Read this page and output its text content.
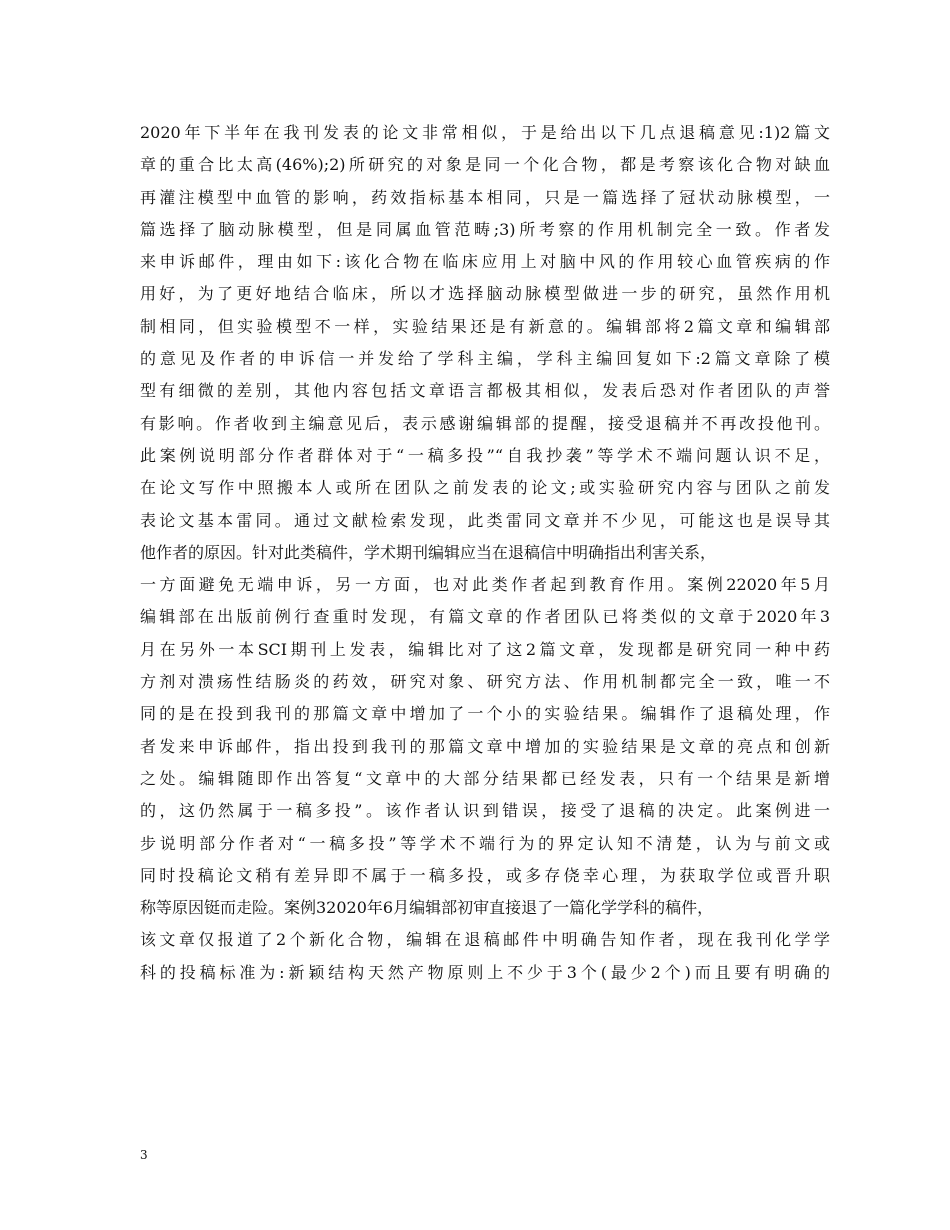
2020年下半年在我刊发表的论文非常相似，于是给出以下几点退稿意见:1)2篇文
章的重合比太高(46%);2)所研究的对象是同一个化合物，都是考察该化合物对缺血
再灌注模型中血管的影响，药效指标基本相同，只是一篇选择了冠状动脉模型，一
篇选择了脑动脉模型，但是同属血管范畴;3)所考察的作用机制完全一致。作者发
来申诉邮件，理由如下:该化合物在临床应用上对脑中风的作用较心血管疾病的作
用好，为了更好地结合临床，所以才选择脑动脉模型做进一步的研究，虽然作用机
制相同，但实验模型不一样，实验结果还是有新意的。编辑部将2篇文章和编辑部
的意见及作者的申诉信一并发给了学科主编，学科主编回复如下:2篇文章除了模
型有细微的差别，其他内容包括文章语言都极其相似，发表后恐对作者团队的声誉
有影响。作者收到主编意见后，表示感谢编辑部的提醒，接受退稿并不再改投他刊。
此案例说明部分作者群体对于“一稿多投”“自我抄袭”等学术不端问题认识不足，
在论文写作中照搬本人或所在团队之前发表的论文;或实验研究内容与团队之前发
表论文基本雷同。通过文献检索发现，此类雷同文章并不少见，可能这也是误导其
他作者的原因。针对此类稿件，学术期刊编辑应当在退稿信中明确指出利害关系，
一方面避免无端申诉，另一方面，也对此类作者起到教育作用。案例22020年5月
编辑部在出版前例行查重时发现，有篇文章的作者团队已将类似的文章于2020年3
月在另外一本SCI期刊上发表，编辑比对了这2篇文章，发现都是研究同一种中药
方剂对溃疡性结肠炎的药效，研究对象、研究方法、作用机制都完全一致，唯一不
同的是在投到我刊的那篇文章中增加了一个小的实验结果。编辑作了退稿处理，作
者发来申诉邮件，指出投到我刊的那篇文章中增加的实验结果是文章的亮点和创新
之处。编辑随即作出答复“文章中的大部分结果都已经发表，只有一个结果是新增
的，这仍然属于一稿多投”。该作者认识到错误，接受了退稿的决定。此案例进一
步说明部分作者对“一稿多投”等学术不端行为的界定认知不清楚，认为与前文或
同时投稿论文稍有差异即不属于一稿多投，或多存侥幸心理，为获取学位或晋升职
称等原因铤而走险。案例32020年6月编辑部初审直接退了一篇化学学科的稿件，
该文章仅报道了2个新化合物，编辑在退稿邮件中明确告知作者，现在我刊化学学
科的投稿标准为:新颖结构天然产物原则上不少于3个(最少2个)而且要有明确的
3
